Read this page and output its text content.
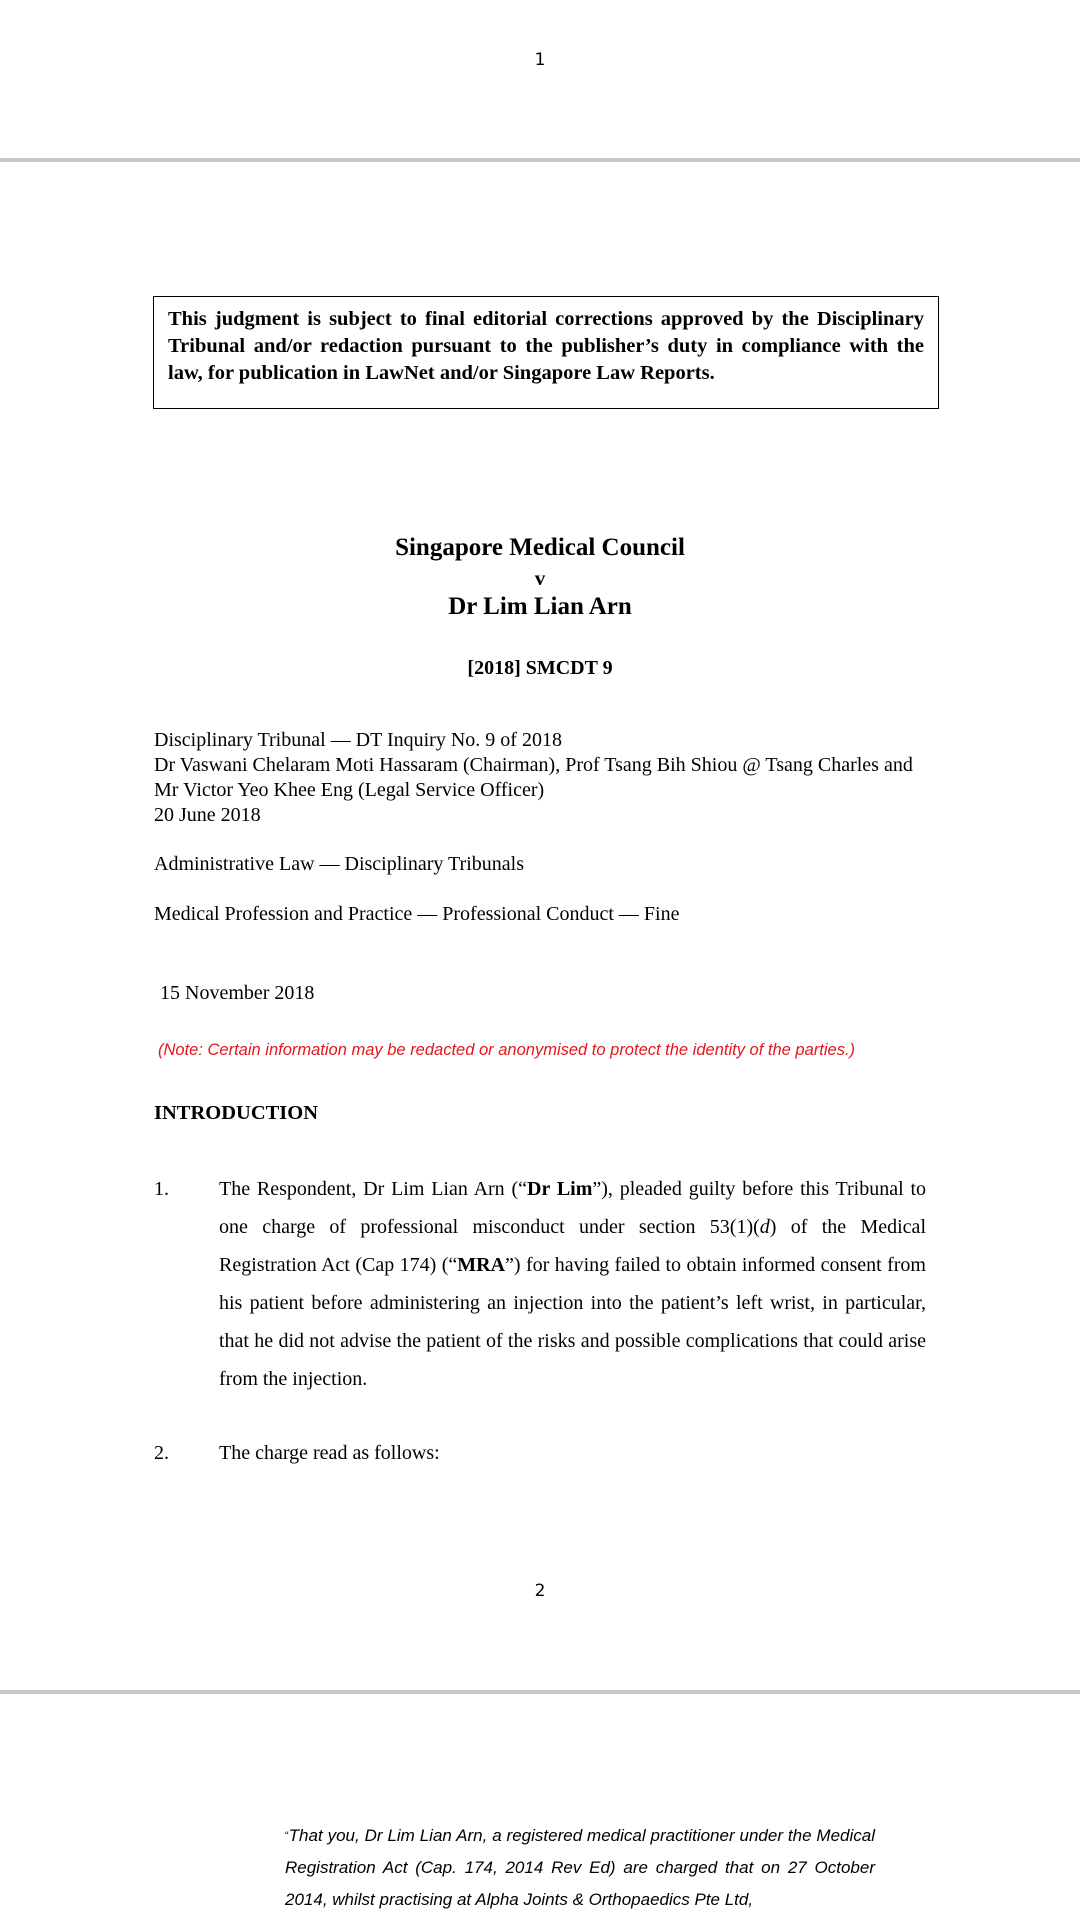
1
This judgment is subject to final editorial corrections approved by the Disciplinary Tribunal and/or redaction pursuant to the publisher’s duty in compliance with the law, for publication in LawNet and/or Singapore Law Reports.
Singapore Medical Council
v
Dr Lim Lian Arn
[2018] SMCDT 9
Disciplinary Tribunal — DT Inquiry No. 9 of 2018
Dr Vaswani Chelaram Moti Hassaram (Chairman), Prof Tsang Bih Shiou @ Tsang Charles and Mr Victor Yeo Khee Eng (Legal Service Officer)
20 June 2018
Administrative Law — Disciplinary Tribunals
Medical Profession and Practice — Professional Conduct — Fine
15 November 2018
(Note: Certain information may be redacted or anonymised to protect the identity of the parties.)
INTRODUCTION
1.	The Respondent, Dr Lim Lian Arn (“Dr Lim”), pleaded guilty before this Tribunal to one charge of professional misconduct under section 53(1)(d) of the Medical Registration Act (Cap 174) (“MRA”) for having failed to obtain informed consent from his patient before administering an injection into the patient’s left wrist, in particular, that he did not advise the patient of the risks and possible complications that could arise from the injection.
2.	The charge read as follows:
2
“That you, Dr Lim Lian Arn, a registered medical practitioner under the Medical Registration Act (Cap. 174, 2014 Rev Ed) are charged that on 27 October 2014, whilst practising at Alpha Joints & Orthopaedics Pte Ltd,
